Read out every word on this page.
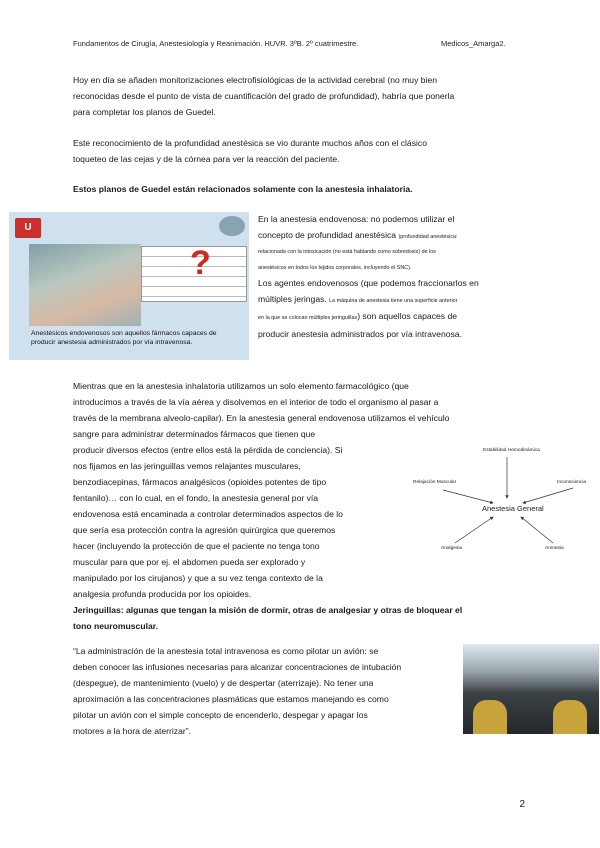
Fundamentos de Cirugía, Anestesiología y Reanimación. HUVR. 3ºB. 2º cuatrimestre.	Medicos_Amarga2.
Hoy en día se añaden monitorizaciones electrofisiológicas de la actividad cerebral (no muy bien
reconocidas desde el punto de vista de cuantificación del grado de profundidad), habría que ponerla
para completar los planos de Guedel.
Este reconocimiento de la profundidad anestésica se vio durante muchos años con el clásico
toqueteo de las cejas y de la córnea para ver la reacción del paciente.
Estos planos de Guedel están relacionados solamente con la anestesia inhalatoria.
U
?
Anestésicos endovenosos son aquellos fármacos capaces de producir anestesia administrados por vía intravenosa.
En la anestesia endovenosa: no podemos utilizar el
concepto de profundidad anestésica (profundidad anestésica:
relacionada con la intoxicación (no está hablando como sobredosis) de los
anestésicos en todos los tejidos corporales, incluyendo el SNC).
Los agentes endovenosos (que podemos fraccionarlos en
múltiples jeringas. La máquina de anestesia tiene una superficie anterior
en la que se colocan múltiples jeringuillas) son aquellos capaces de
producir anestesia administrados por vía intravenosa.
Mientras que en la anestesia inhalatoria utilizamos un solo elemento farmacológico (que
introducimos a través de la vía aérea y disolvemos en el interior de todo el organismo al pasar a
través de la membrana alveolo-capilar). En la anestesia general endovenosa utilizamos el vehículo
sangre para administrar determinados fármacos que tienen que
producir diversos efectos (entre ellos está la pérdida de conciencia). Si
nos fijamos en las jeringuillas vemos relajantes musculares,
benzodiacepinas, fármacos analgésicos (opioides potentes de tipo
fentanilo)… con lo cual, en el fondo, la anestesia general por vía
endovenosa está encaminada a controlar determinados aspectos de lo
que sería esa protección contra la agresión quirúrgica que queremos
hacer (incluyendo la protección de que el paciente no tenga tono
muscular para que por ej. el abdomen pueda ser explorado y
manipulado por los cirujanos) y que a su vez tenga contexto de la
analgesia profunda producida por los opioides.
Jeringuillas: algunas que tengan la misión de dormir, otras de analgesiar y otras de bloquear el
tono neuromuscular.
Estabilidad Hemodinámica
Relajación Muscular	Inconsciencia
Anestesia General
Analgesia	Amnesia
“La administración de la anestesia total intravenosa es como pilotar un avión: se
deben conocer las infusiones necesarias para alcanzar concentraciones de intubación
(despegue), de mantenimiento (vuelo) y de despertar (aterrizaje). No tener una
aproximación a las concentraciones plasmáticas que estamos manejando es como
pilotar un avión con el simple concepto de encenderlo, despegar y apagar los
motores a la hora de aterrizar”.
2
